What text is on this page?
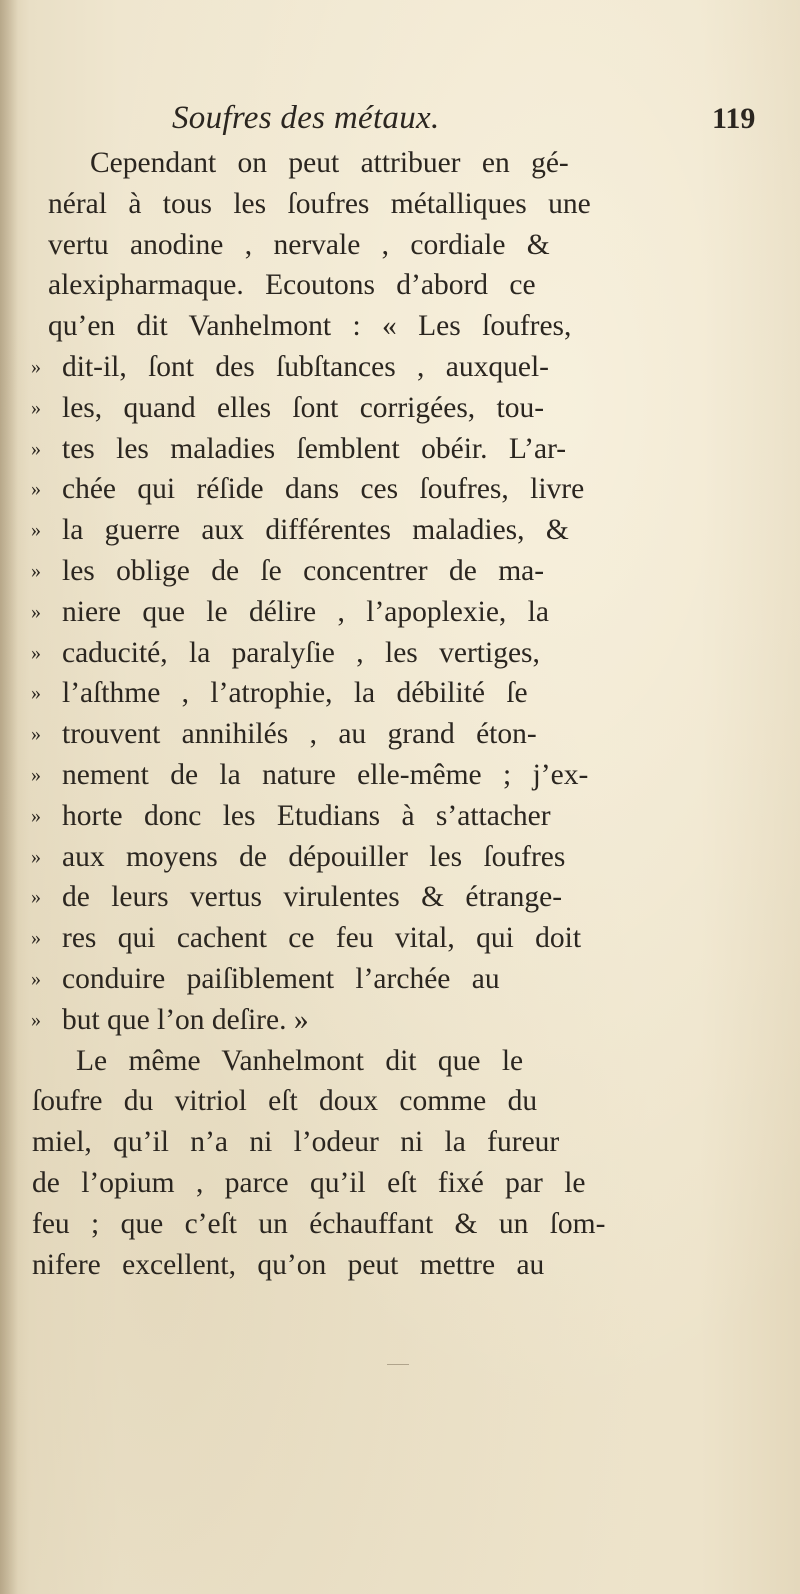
Soufres des métaux.	119
Cependant on peut attribuer en gé-
néral à tous les ſoufres métalliques une
vertu anodine , nervale , cordiale &
alexipharmaque. Ecoutons d’abord ce
qu’en dit Vanhelmont : « Les ſoufres,
» dit-il, ſont des ſubſtances , auxquel-
» les, quand elles ſont corrigées, tou-
» tes les maladies ſemblent obéir. L’ar-
» chée qui réſide dans ces ſoufres, livre
» la guerre aux différentes maladies, &
» les oblige de ſe concentrer de ma-
» niere que le délire , l’apoplexie, la
» caducité, la paralyſie , les vertiges,
» l’aſthme , l’atrophie, la débilité ſe
» trouvent annihilés , au grand éton-
» nement de la nature elle-même ; j’ex-
» horte donc les Etudians à s’attacher
» aux moyens de dépouiller les ſoufres
» de leurs vertus virulentes & étrange-
» res qui cachent ce feu vital, qui doit
» conduire paiſiblement l’archée au
» but que l’on deſire. »
Le même Vanhelmont dit que le
ſoufre du vitriol eſt doux comme du
miel, qu’il n’a ni l’odeur ni la fureur
de l’opium , parce qu’il eſt fixé par le
feu ; que c’eſt un échauffant & un ſom-
nifere excellent, qu’on peut mettre au
